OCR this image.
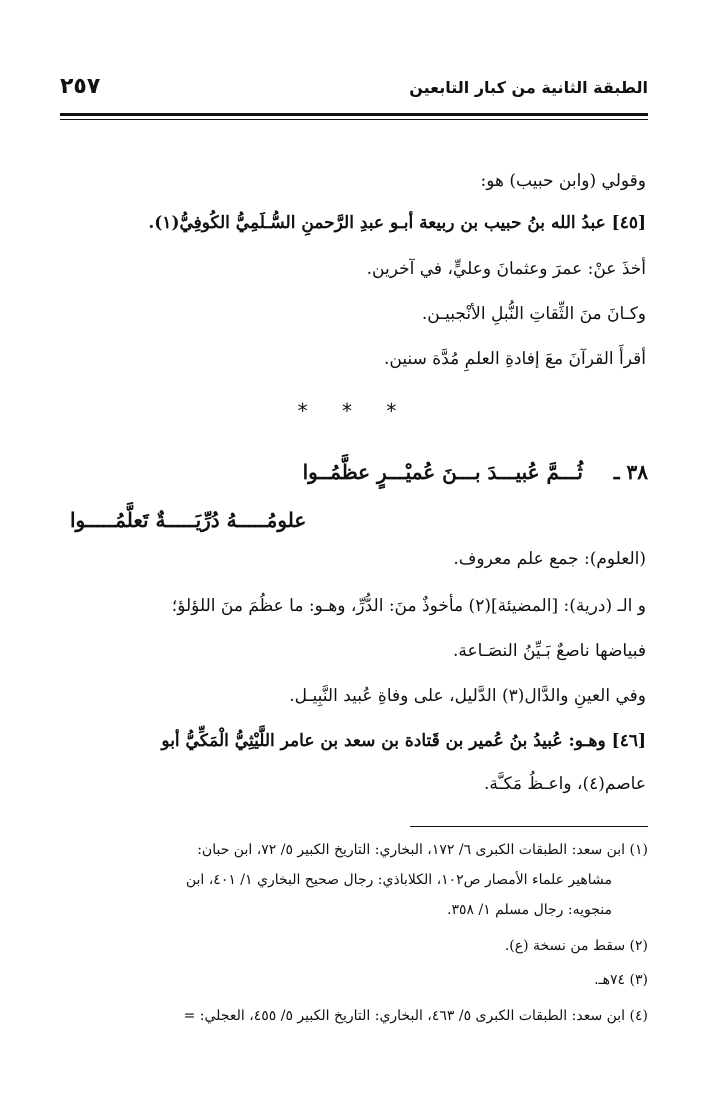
الطبقة الثانية من كبار التابعين
٢٥٧
وقولي (وابن حبيب) هو:
[٤٥] عبدُ الله بنُ حبيب بن ربيعة أبـو عبدِ الرَّحمنِ السُّـلَمِيُّ الكُوفِيُّ(١).
أخذَ عنْ: عمرَ وعثمانَ وعليٍّ، في آخرين.
وكـانَ منَ الثِّقاتِ النُّبلِ الأنْجبيـن.
أقرأَ القرآنَ معَ إفادةِ العلمِ مُدَّة سنين.
* * *
(العلوم): جمع علم معروف.
و الـ (درية): [المضيئة](٢) مأخوذٌ منَ: الدُّرِّ، وهـو: ما عظُمَ منَ اللؤلؤ؛
فبياضها ناصعٌ بَـيِّنُ النصَـاعة.
وفي العينِ والدَّال(٣) الدَّليل، على وفاةِ عُبيد النَّبِيـل.
[٤٦] وهـو: عُبيدُ بنُ عُمير بن قَتادة بن سعد بن عامر اللَّيْثِيُّ الْمَكِّيُّ أبو
عاصم(٤)، واعـظُ مَكـَّة.
٣٨ ـ
ثُـــمَّ عُبيـــدَ بـــنَ عُميْـــرٍ عظَّمُــوا
علومُـــــهُ دُرِّيَـــــةٌ تَعلَّمُـــــوا
(١) ابن سعد: الطبقات الكبرى ٦/ ١٧٢، البخاري: التاريخ الكبير ٥/ ٧٢، ابن حبان:
مشاهير علماء الأمصار ص١٠٢، الكلاباذي: رجال صحيح البخاري ١/ ٤٠١، ابن
منجويه: رجال مسلم ١/ ٣٥٨.
(٢) سقط من نسخة (ع).
(٣) ٧٤هـ.
(٤) ابن سعد: الطبقات الكبرى ٥/ ٤٦٣، البخاري: التاريخ الكبير ٥/ ٤٥٥، العجلي: =
